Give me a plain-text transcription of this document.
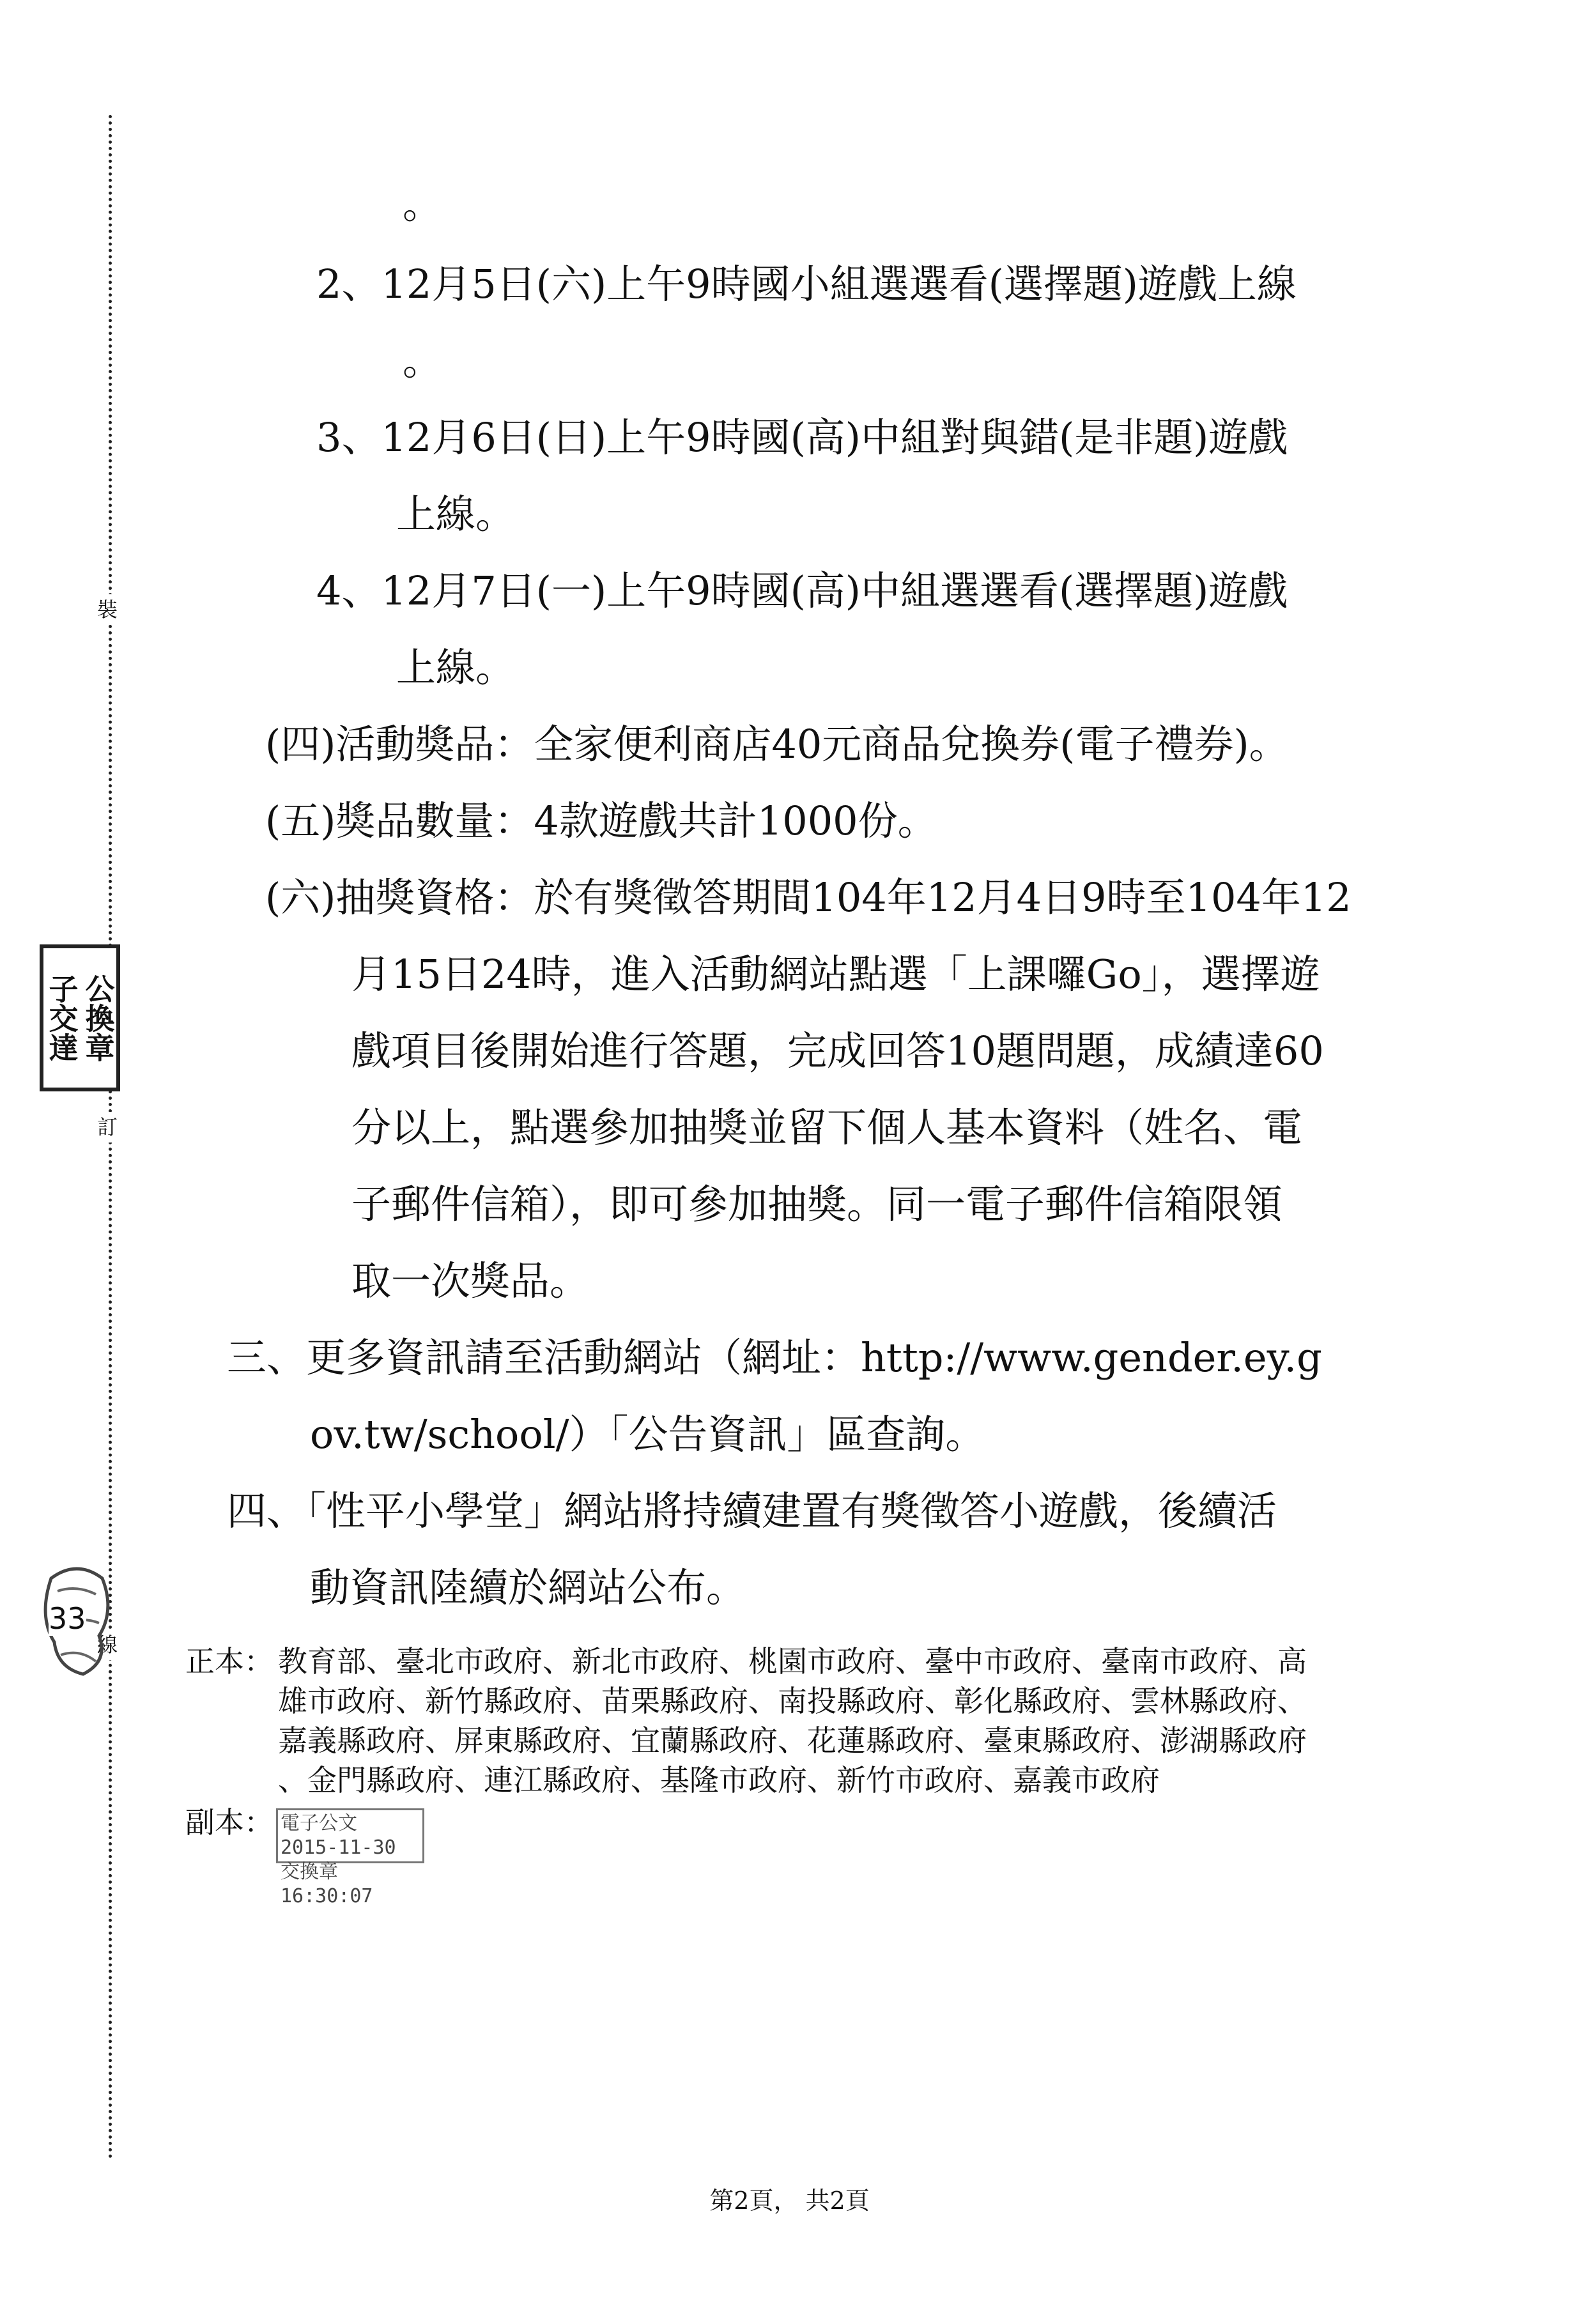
裝
訂
線
公換章
子交達
33
。
2、12月5日(六)上午9時國小組選選看(選擇題)遊戲上線
。
3、12月6日(日)上午9時國(高)中組對與錯(是非題)遊戲
上線。
4、12月7日(一)上午9時國(高)中組選選看(選擇題)遊戲
上線。
(四)活動獎品：全家便利商店40元商品兌換券(電子禮券)。
(五)獎品數量：4款遊戲共計1000份。
(六)抽獎資格：於有獎徵答期間104年12月4日9時至104年12
月15日24時，進入活動網站點選「上課囉Go」，選擇遊
戲項目後開始進行答題，完成回答10題問題，成績達60
分以上，點選參加抽獎並留下個人基本資料（姓名、電
子郵件信箱），即可參加抽獎。同一電子郵件信箱限領
取一次獎品。
三、更多資訊請至活動網站（網址：http://www.gender.ey.g
ov.tw/school/）「公告資訊」區查詢。
四、「性平小學堂」網站將持續建置有獎徵答小遊戲，後續活
動資訊陸續於網站公布。
正本： 教育部、臺北市政府、新北市政府、桃園市政府、臺中市政府、臺南市政府、高
雄市政府、新竹縣政府、苗栗縣政府、南投縣政府、彰化縣政府、雲林縣政府、
嘉義縣政府、屏東縣政府、宜蘭縣政府、花蓮縣政府、臺東縣政府、澎湖縣政府
、金門縣政府、連江縣政府、基隆市政府、新竹市政府、嘉義市政府
副本： 電子公文 2015-11-30
交換章 16:30:07
第2頁， 共2頁
